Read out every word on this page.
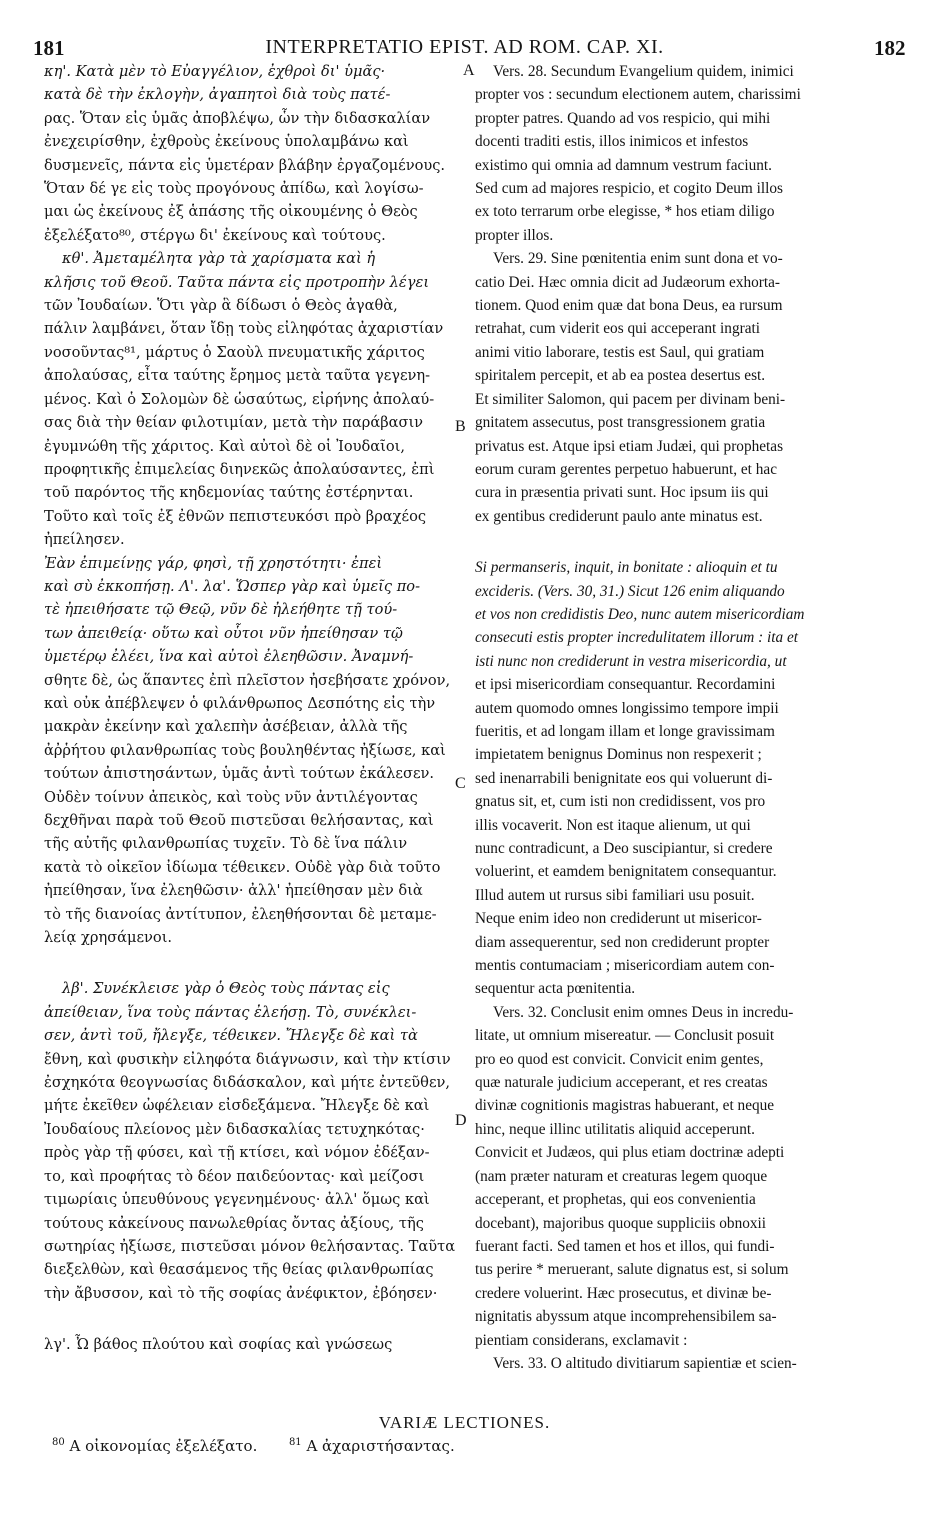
181	INTERPRETATIO EPIST. AD ROM. CAP. XI.	182
κη'. Κατὰ μὲν τὸ Εὐαγγέλιον, ἐχθροὶ δι' ὑμᾶς·
κατὰ δὲ τὴν ἐκλογὴν, ἀγαπητοὶ διὰ τοὺς πατέ-
ρας. Ὅταν εἰς ὑμᾶς ἀποβλέψω, ὧν τὴν διδασκαλίαν
ἐνεχειρίσθην, ἐχθροὺς ἐκείνους ὑπολαμβάνω καὶ
δυσμενεῖς, πάντα εἰς ὑμετέραν βλάβην ἐργαζομένους.
Ὅταν δέ γε εἰς τοὺς προγόνους ἀπίδω, καὶ λογίσω-
μαι ὡς ἐκείνους ἐξ ἁπάσης τῆς οἰκουμένης ὁ Θεὸς
ἐξελέξατο⁸⁰, στέργω δι' ἐκείνους καὶ τούτους.
κθ'. Ἀμεταμέλητα γὰρ τὰ χαρίσματα καὶ ἡ
κλῆσις τοῦ Θεοῦ. Ταῦτα πάντα εἰς προτροπὴν λέγει
τῶν Ἰουδαίων. Ὅτι γὰρ ἃ δίδωσι ὁ Θεὸς ἀγαθὰ,
πάλιν λαμβάνει, ὅταν ἴδῃ τοὺς εἰληφότας ἀχαριστίαν
νοσοῦντας⁸¹, μάρτυς ὁ Σαοὺλ πνευματικῆς χάριτος
ἀπολαύσας, εἶτα ταύτης ἔρημος μετὰ ταῦτα γεγενη-
μένος. Καὶ ὁ Σολομὼν δὲ ὡσαύτως, εἰρήνης ἀπολαύ-
σας διὰ τὴν θείαν φιλοτιμίαν, μετὰ τὴν παράβασιν
ἐγυμνώθη τῆς χάριτος. Καὶ αὐτοὶ δὲ οἱ Ἰουδαῖοι,
προφητικῆς ἐπιμελείας διηνεκῶς ἀπολαύσαντες, ἐπὶ
τοῦ παρόντος τῆς κηδεμονίας ταύτης ἐστέρηνται.
Τοῦτο καὶ τοῖς ἐξ ἐθνῶν πεπιστευκόσι πρὸ βραχέος
ἠπείλησεν.
Ἐὰν ἐπιμείνῃς γάρ, φησὶ, τῇ χρηστότητι· ἐπεὶ
καὶ σὺ ἐκκοπήσῃ. Λ'. λα'. Ὥσπερ γὰρ καὶ ὑμεῖς πο-
τὲ ἠπειθήσατε τῷ Θεῷ, νῦν δὲ ἠλεήθητε τῇ τού-
των ἀπειθείᾳ· οὕτω καὶ οὗτοι νῦν ἠπείθησαν τῷ
ὑμετέρῳ ἐλέει, ἵνα καὶ αὐτοὶ ἐλεηθῶσιν. Ἀναμνή-
σθητε δὲ, ὡς ἅπαντες ἐπὶ πλεῖστον ἠσεβήσατε χρόνον,
καὶ οὐκ ἀπέβλεψεν ὁ φιλάνθρωπος Δεσπότης εἰς τὴν
μακρὰν ἐκείνην καὶ χαλεπὴν ἀσέβειαν, ἀλλὰ τῆς
ἀῤῥήτου φιλανθρωπίας τοὺς βουληθέντας ἠξίωσε, καὶ
τούτων ἀπιστησάντων, ὑμᾶς ἀντὶ τούτων ἐκάλεσεν.
Οὐδὲν τοίνυν ἀπεικὸς, καὶ τοὺς νῦν ἀντιλέγοντας
δεχθῆναι παρὰ τοῦ Θεοῦ πιστεῦσαι θελήσαντας, καὶ
τῆς αὐτῆς φιλανθρωπίας τυχεῖν. Τὸ δὲ ἵνα πάλιν
κατὰ τὸ οἰκεῖον ἰδίωμα τέθεικεν. Οὐδὲ γὰρ διὰ τοῦτο
ἠπείθησαν, ἵνα ἐλεηθῶσιν· ἀλλ' ἠπείθησαν μὲν διὰ
τὸ τῆς διανοίας ἀντίτυπον, ἐλεηθήσονται δὲ μεταμε-
λείᾳ χρησάμενοι.
λβ'. Συνέκλεισε γὰρ ὁ Θεὸς τοὺς πάντας εἰς
ἀπείθειαν, ἵνα τοὺς πάντας ἐλεήσῃ. Τὸ, συνέκλει-
σεν, ἀντὶ τοῦ, ἤλεγξε, τέθεικεν. Ἤλεγξε δὲ καὶ τὰ
ἔθνη, καὶ φυσικὴν εἰληφότα διάγνωσιν, καὶ τὴν κτίσιν
ἐσχηκότα θεογνωσίας διδάσκαλον, καὶ μήτε ἐντεῦθεν,
μήτε ἐκεῖθεν ὠφέλειαν εἰσδεξάμενα. Ἤλεγξε δὲ καὶ
Ἰουδαίους πλείονος μὲν διδασκαλίας τετυχηκότας·
πρὸς γὰρ τῇ φύσει, καὶ τῇ κτίσει, καὶ νόμον ἐδέξαν-
το, καὶ προφήτας τὸ δέον παιδεύοντας· καὶ μείζοσι
τιμωρίαις ὑπευθύνους γεγενημένους· ἀλλ' ὅμως καὶ
τούτους κἀκείνους πανωλεθρίας ὄντας ἀξίους, τῆς
σωτηρίας ἠξίωσε, πιστεῦσαι μόνον θελήσαντας. Ταῦτα
διεξελθὼν, καὶ θεασάμενος τῆς θείας φιλανθρωπίας
τὴν ἄβυσσον, καὶ τὸ τῆς σοφίας ἀνέφικτον, ἐβόησεν·
λγ'. Ὦ βάθος πλούτου καὶ σοφίας καὶ γνώσεως
Vers. 28. Secundum Evangelium quidem, inimici
propter vos : secundum electionem autem, charissimi
propter patres. Quando ad vos respicio, qui mihi
docenti traditi estis, illos inimicos et infestos
existimo qui omnia ad damnum vestrum faciunt.
Sed cum ad majores respicio, et cogito Deum illos
ex toto terrarum orbe elegisse, * hos etiam diligo
propter illos.
Vers. 29. Sine pœnitentia enim sunt dona et vo-
catio Dei. Hæc omnia dicit ad Judæorum exhorta-
tionem. Quod enim quæ dat bona Deus, ea rursum
retrahat, cum viderit eos qui acceperant ingrati
animi vitio laborare, testis est Saul, qui gratiam
spiritalem percepit, et ab ea postea desertus est.
Et similiter Salomon, qui pacem per divinam beni-
gnitatem assecutus, post transgressionem gratia
privatus est. Atque ipsi etiam Judæi, qui prophetas
eorum curam gerentes perpetuo habuerunt, et hac
cura in præsentia privati sunt. Hoc ipsum iis qui
ex gentibus crediderunt paulo ante minatus est.
Si permanseris, inquit, in bonitate : alioquin et tu
excideris. (Vers. 30, 31.) Sicut 126 enim aliquando
et vos non credidistis Deo, nunc autem misericordiam
consecuti estis propter incredulitatem illorum : ita et
isti nunc non crediderunt in vestra misericordia, ut
et ipsi misericordiam consequantur. Recordamini
autem quomodo omnes longissimo tempore impii
fueritis, et ad longam illam et longe gravissimam
impietatem benignus Dominus non respexerit ;
sed inenarrabili benignitate eos qui voluerunt di-
gnatus sit, et, cum isti non credidissent, vos pro
illis vocaverit. Non est itaque alienum, ut qui
nunc contradicunt, a Deo suscipiantur, si credere
voluerint, et eamdem benignitatem consequantur.
Illud autem ut rursus sibi familiari usu posuit.
Neque enim ideo non crediderunt ut misericor-
diam assequerentur, sed non crediderunt propter
mentis contumaciam ; misericordiam autem con-
sequentur acta pœnitentia.
Vers. 32. Conclusit enim omnes Deus in incredu-
litate, ut omnium misereatur. — Conclusit posuit
pro eo quod est convicit. Convicit enim gentes,
quæ naturale judicium acceperant, et res creatas
divinæ cognitionis magistras habuerant, et neque
hinc, neque illinc utilitatis aliquid acceperunt.
Convicit et Judæos, qui plus etiam doctrinæ adepti
(nam præter naturam et creaturas legem quoque
acceperant, et prophetas, qui eos convenientia
docebant), majoribus quoque suppliciis obnoxii
fuerant facti. Sed tamen et hos et illos, qui fundi-
tus perire * meruerant, salute dignatus est, si solum
credere voluerint. Hæc prosecutus, et divinæ be-
nignitatis abyssum atque incomprehensibilem sa-
pientiam considerans, exclamavit :
Vers. 33. O altitudo divitiarum sapientiæ et scien-
A
B
C
D
VARIÆ LECTIONES.
$^{80}$ A οἰκονομίας ἐξελέξατο.	$^{81}$ A ἀχαριστήσαντας.
